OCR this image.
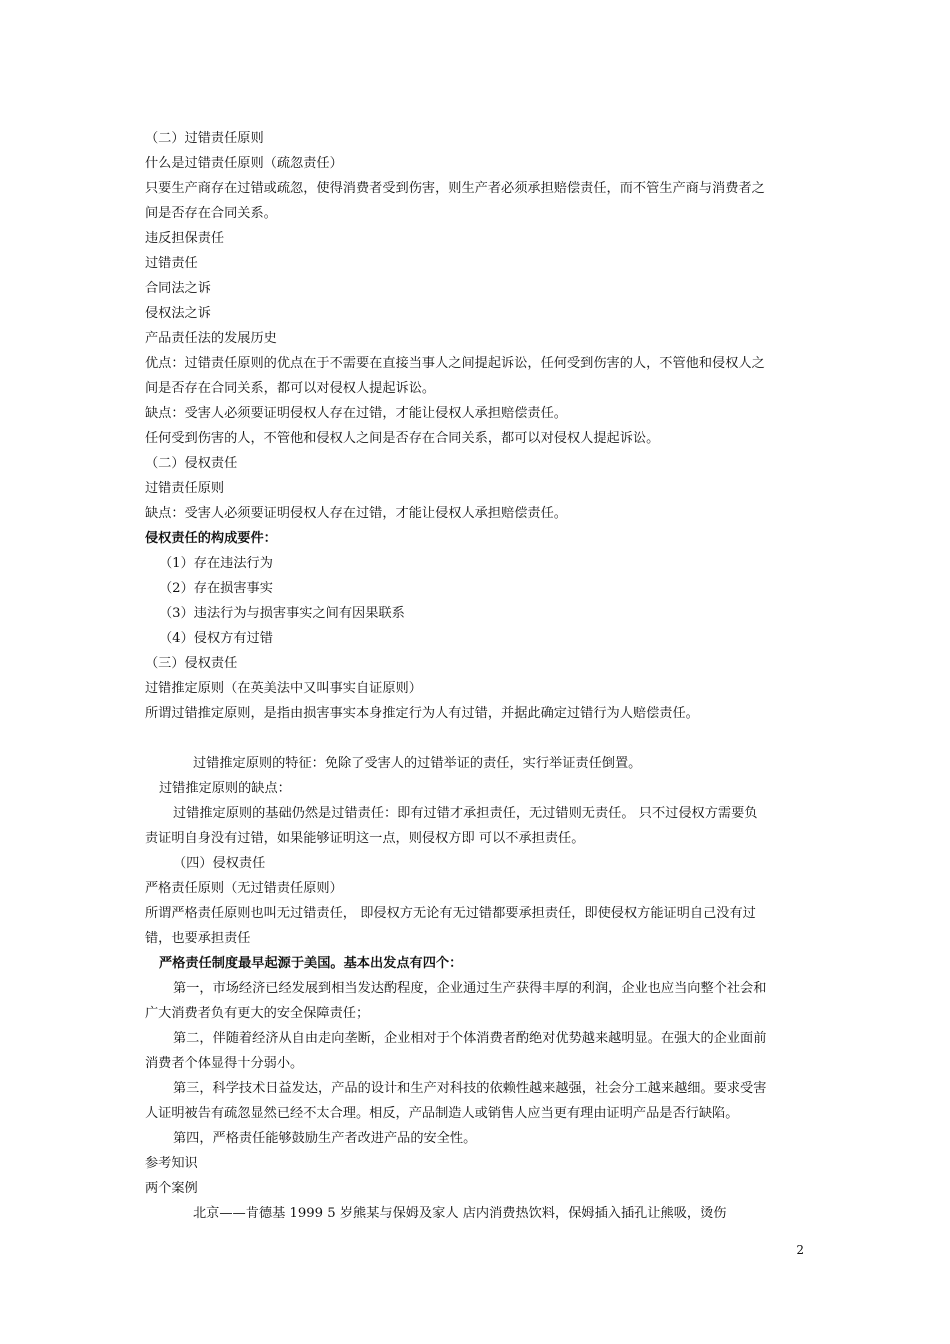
（二）过错责任原则
什么是过错责任原则（疏忽责任）
只要生产商存在过错或疏忽，使得消费者受到伤害，则生产者必须承担赔偿责任，而不管生产商与消费者之
间是否存在合同关系。
违反担保责任
过错责任
合同法之诉
侵权法之诉
产品责任法的发展历史
优点：过错责任原则的优点在于不需要在直接当事人之间提起诉讼，任何受到伤害的人，不管他和侵权人之
间是否存在合同关系，都可以对侵权人提起诉讼。
缺点：受害人必须要证明侵权人存在过错，才能让侵权人承担赔偿责任。
任何受到伤害的人，不管他和侵权人之间是否存在合同关系，都可以对侵权人提起诉讼。
（二）侵权责任
过错责任原则
缺点：受害人必须要证明侵权人存在过错，才能让侵权人承担赔偿责任。
侵权责任的构成要件：
（1）存在违法行为
（2）存在损害事实
（3）违法行为与损害事实之间有因果联系
（4）侵权方有过错
（三）侵权责任
过错推定原则（在英美法中又叫事实自证原则）
所谓过错推定原则，是指由损害事实本身推定行为人有过错，并据此确定过错行为人赔偿责任。
过错推定原则的特征：免除了受害人的过错举证的责任，实行举证责任倒置。
过错推定原则的缺点：
过错推定原则的基础仍然是过错责任：即有过错才承担责任，无过错则无责任。 只不过侵权方需要负
责证明自身没有过错，如果能够证明这一点，则侵权方即 可以不承担责任。
（四）侵权责任
严格责任原则（无过错责任原则）
所谓严格责任原则也叫无过错责任， 即侵权方无论有无过错都要承担责任，即使侵权方能证明自己没有过
错，也要承担责任
严格责任制度最早起源于美国。基本出发点有四个：
第一，市场经济已经发展到相当发达酌程度，企业通过生产获得丰厚的利润，企业也应当向整个社会和
广大消费者负有更大的安全保障责任；
第二，伴随着经济从自由走向垄断，企业相对于个体消费者酌绝对优势越来越明显。在强大的企业面前
消费者个体显得十分弱小。
第三，科学技术日益发达，产品的设计和生产对科技的依赖性越来越强，社会分工越来越细。要求受害
人证明被告有疏忽显然已经不太合理。相反，产品制造人或销售人应当更有理由证明产品是否行缺陷。
第四，严格责任能够鼓励生产者改进产品的安全性。
参考知识
两个案例
北京——肯德基 1999 5 岁熊某与保姆及家人 店内消费热饮料，保姆插入插孔让熊吸，烫伤
2
